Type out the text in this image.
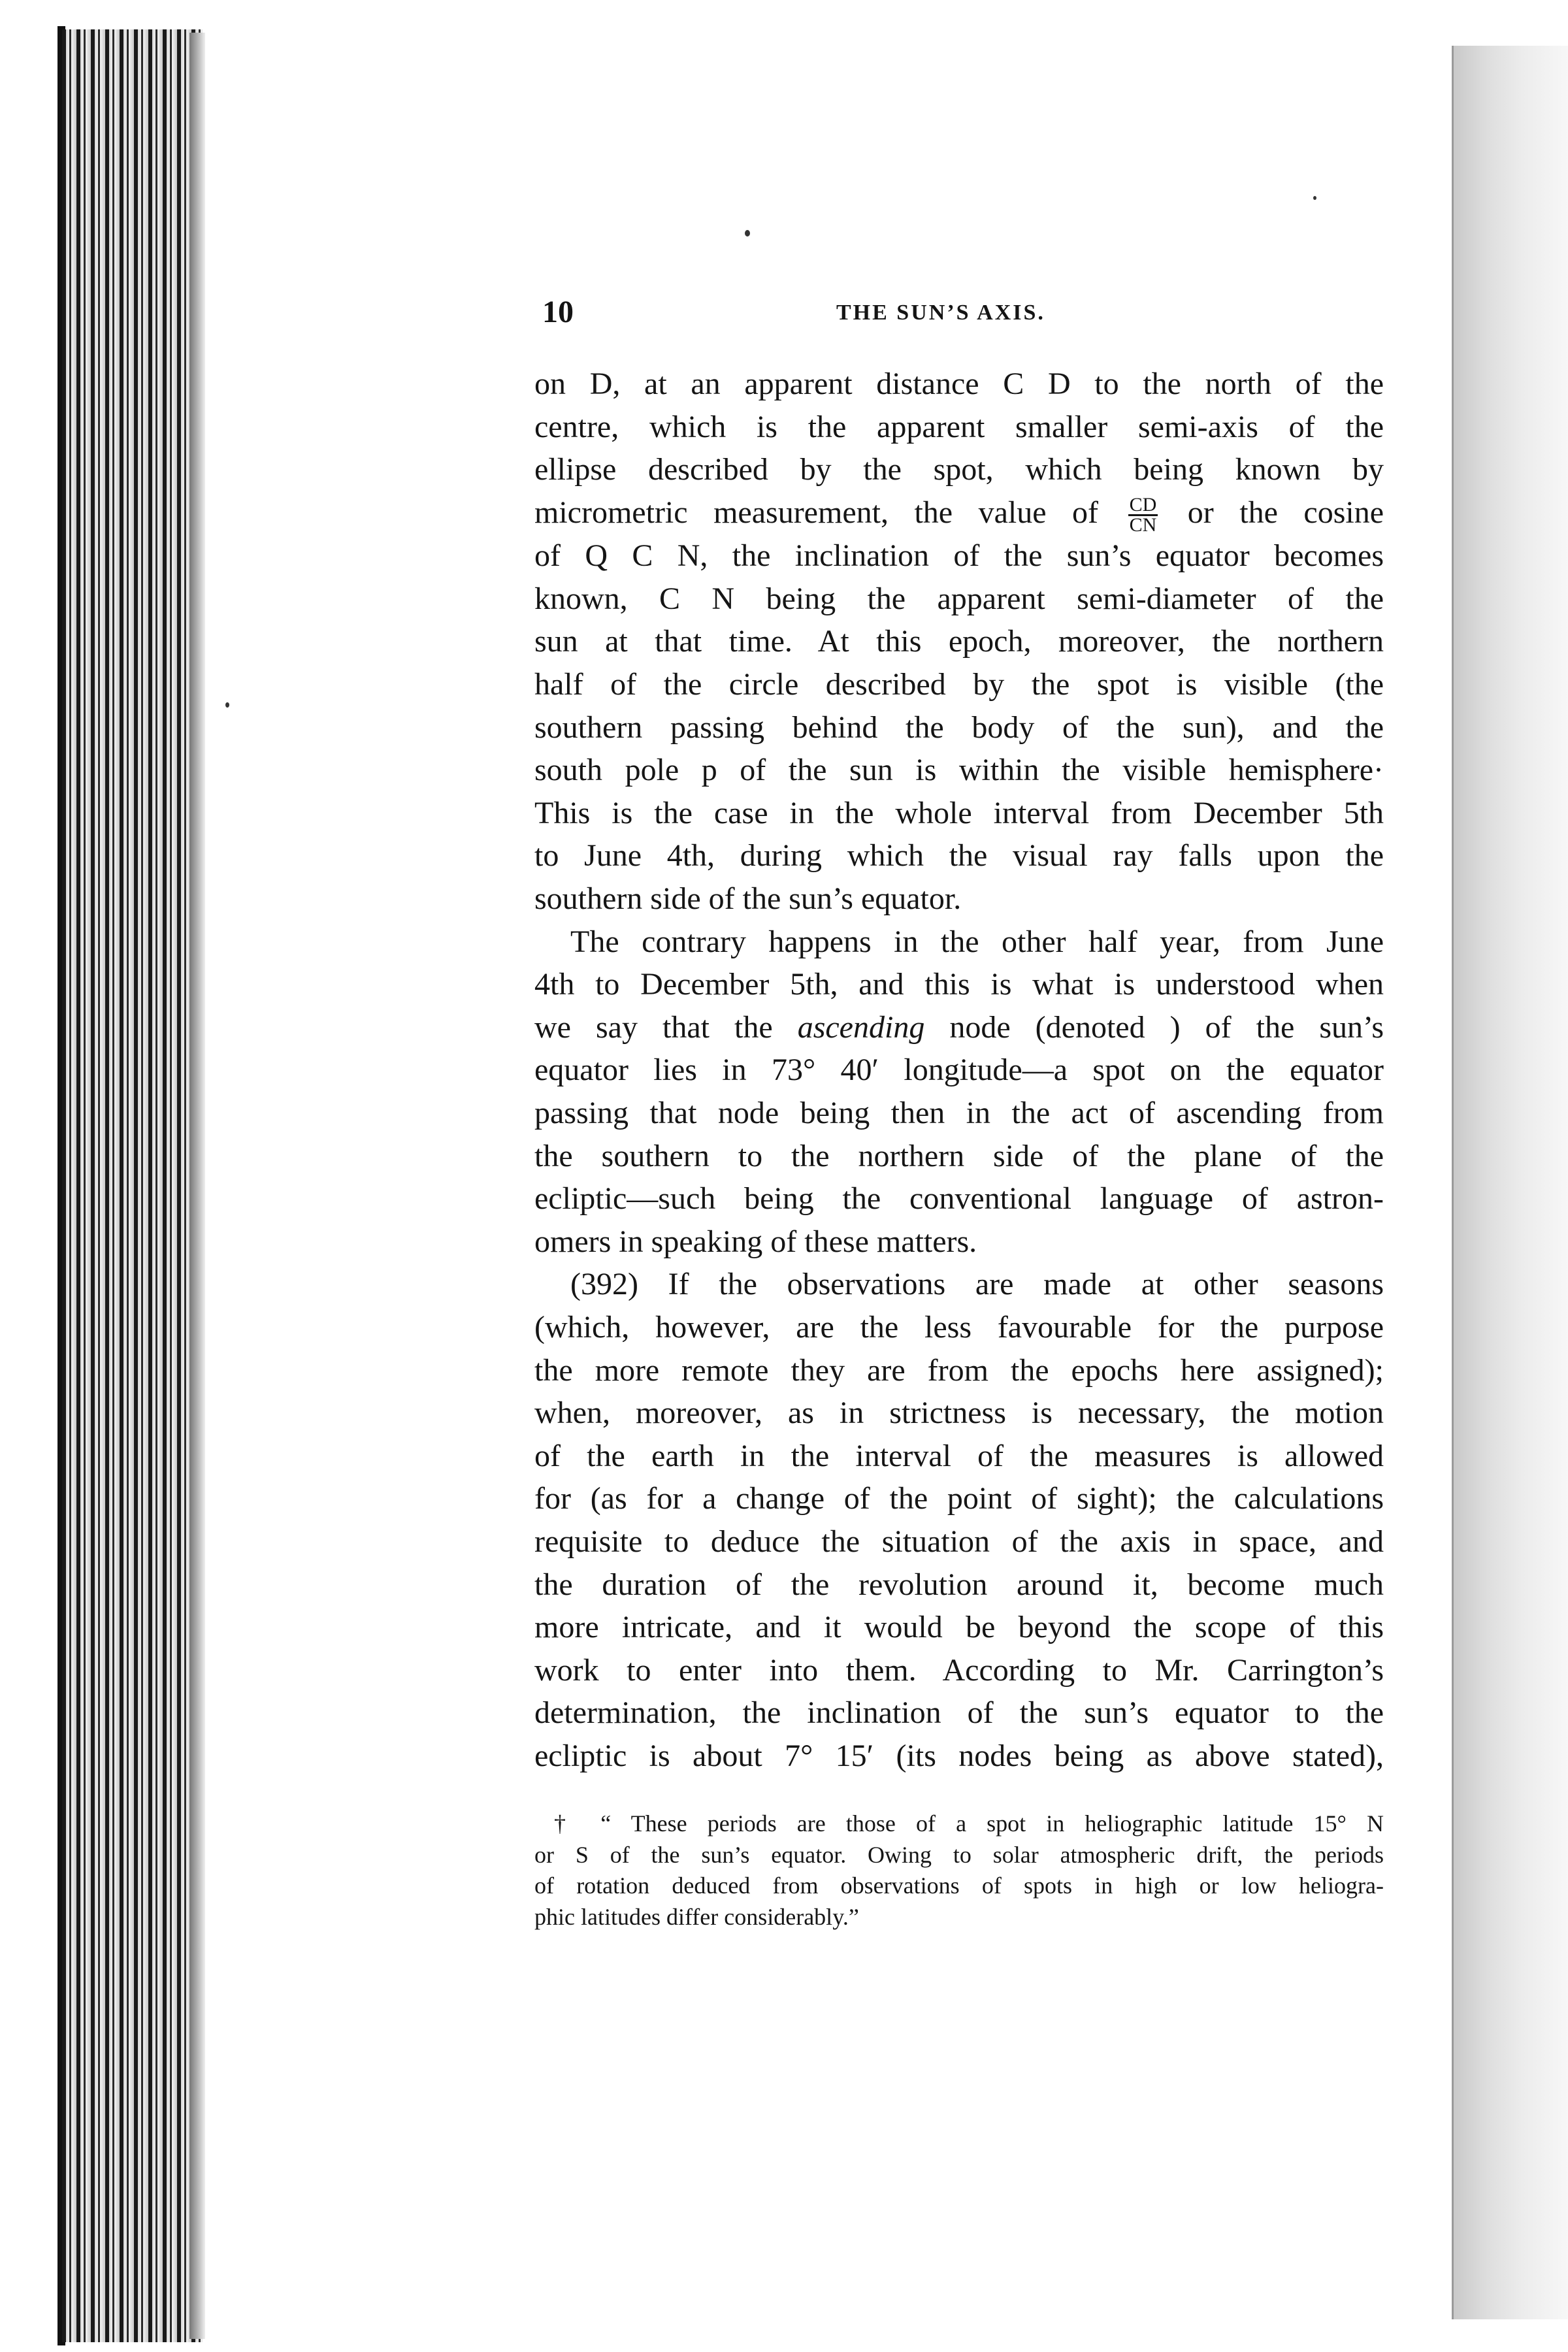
10	THE SUN’S AXIS.

on D, at an apparent distance C D to the north of the
centre, which is the apparent smaller semi-axis of the
ellipse described by the spot, which being known by
micrometric measurement, the value of $\frac{CD}{CN}$ or the cosine
of Q C N, the inclination of the sun’s equator becomes
known, C N being the apparent semi-diameter of the
sun at that time. At this epoch, moreover, the northern
half of the circle described by the spot is visible (the
southern passing behind the body of the sun), and the
south pole p of the sun is within the visible hemisphere·
This is the case in the whole interval from December 5th
to June 4th, during which the visual ray falls upon the
southern side of the sun’s equator.

The contrary happens in the other half year, from June
4th to December 5th, and this is what is understood when
we say that the ascending node (denoted ) of the sun’s
equator lies in 73° 40′ longitude—a spot on the equator
passing that node being then in the act of ascending from
the southern to the northern side of the plane of the
ecliptic—such being the conventional language of astron-
omers in speaking of these matters.

(392) If the observations are made at other seasons
(which, however, are the less favourable for the purpose
the more remote they are from the epochs here assigned);
when, moreover, as in strictness is necessary, the motion
of the earth in the interval of the measures is allowed
for (as for a change of the point of sight); the calculations
requisite to deduce the situation of the axis in space, and
the duration of the revolution around it, become much
more intricate, and it would be beyond the scope of this
work to enter into them. According to Mr. Carrington’s
determination, the inclination of the sun’s equator to the
ecliptic is about 7° 15′ (its nodes being as above stated),

† “ These periods are those of a spot in heliographic latitude 15° N
or S of the sun’s equator. Owing to solar atmospheric drift, the periods
of rotation deduced from observations of spots in high or low heliogra-
phic latitudes differ considerably.”
